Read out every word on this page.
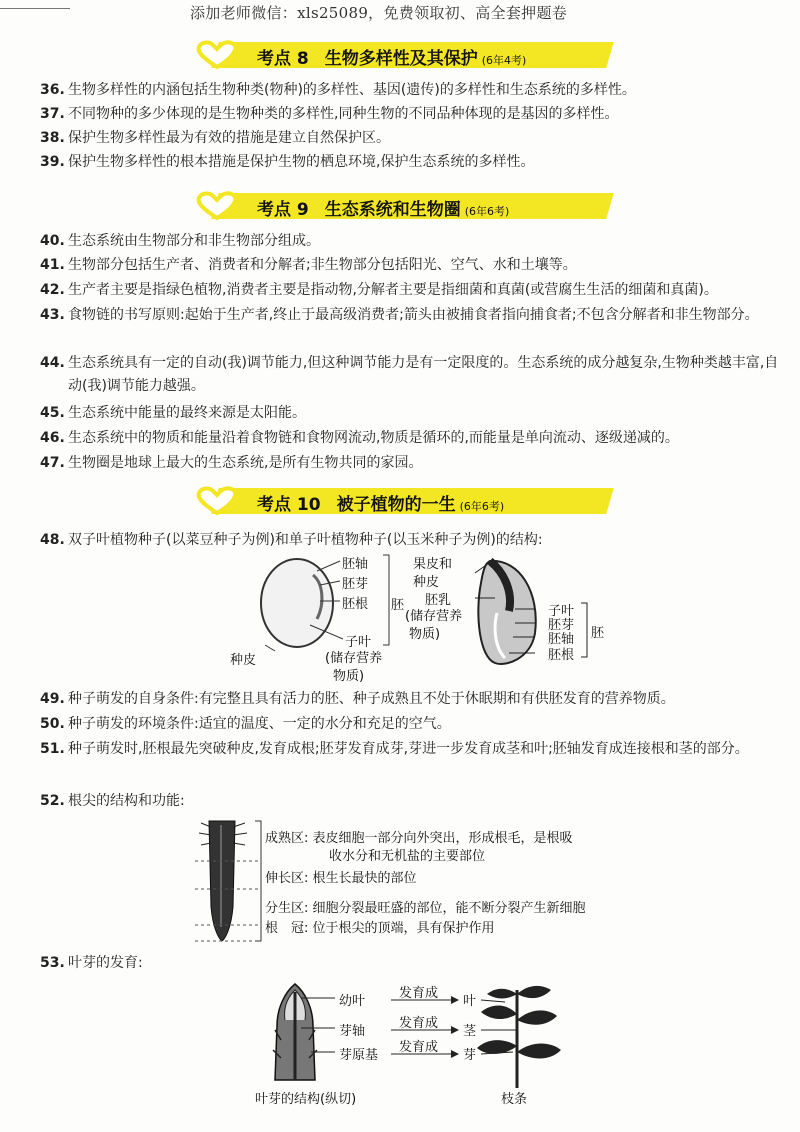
添加老师微信：xls25089，免费领取初、高全套押题卷
考点 8 生物多样性及其保护 (6年4考)
36. 生物多样性的内涵包括生物种类(物种)的多样性、基因(遗传)的多样性和生态系统的多样性。
37. 不同物种的多少体现的是生物种类的多样性,同种生物的不同品种体现的是基因的多样性。
38. 保护生物多样性最为有效的措施是建立自然保护区。
39. 保护生物多样性的根本措施是保护生物的栖息环境,保护生态系统的多样性。
考点 9 生态系统和生物圈 (6年6考)
40. 生态系统由生物部分和非生物部分组成。
41. 生物部分包括生产者、消费者和分解者;非生物部分包括阳光、空气、水和土壤等。
42. 生产者主要是指绿色植物,消费者主要是指动物,分解者主要是指细菌和真菌(或营腐生生活的细菌和真菌)。
43. 食物链的书写原则:起始于生产者,终止于最高级消费者;箭头由被捕食者指向捕食者;不包含分解者和非生物部分。
44. 生态系统具有一定的自动(我)调节能力,但这种调节能力是有一定限度的。生态系统的成分越复杂,生物种类越丰富,自动(我)调节能力越强。
45. 生态系统中能量的最终来源是太阳能。
46. 生态系统中的物质和能量沿着食物链和食物网流动,物质是循环的,而能量是单向流动、逐级递减的。
47. 生物圈是地球上最大的生态系统,是所有生物共同的家园。
考点 10 被子植物的一生 (6年6考)
48. 双子叶植物种子(以菜豆种子为例)和单子叶植物种子(以玉米种子为例)的结构:
胚轴
胚芽
胚根 胚
子叶
(储存营养
物质)
种皮
果皮和
种皮
胚乳
(储存营养
物质)
子叶
胚芽
胚轴
胚根
胚
49. 种子萌发的自身条件:有完整且具有活力的胚、种子成熟且不处于休眠期和有供胚发育的营养物质。
50. 种子萌发的环境条件:适宜的温度、一定的水分和充足的空气。
51. 种子萌发时,胚根最先突破种皮,发育成根;胚芽发育成芽,芽进一步发育成茎和叶;胚轴发育成连接根和茎的部分。
52. 根尖的结构和功能:
成熟区: 表皮细胞一部分向外突出，形成根毛，是根吸
收水分和无机盐的主要部位
伸长区: 根生长最快的部位
分生区: 细胞分裂最旺盛的部位，能不断分裂产生新细胞
根　冠: 位于根尖的顶端，具有保护作用
53. 叶芽的发育:
幼叶
芽轴
芽原基
发育成
发育成
发育成
叶
茎
芽
叶芽的结构(纵切)	枝条
